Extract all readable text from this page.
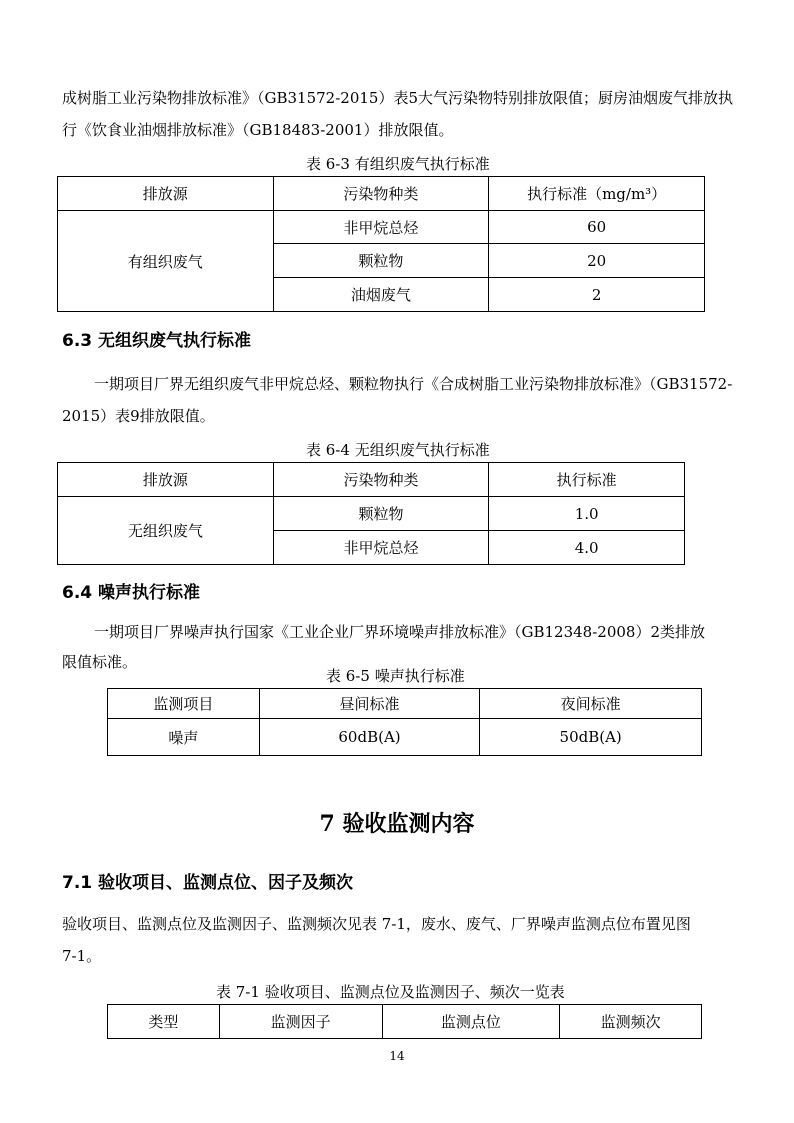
成树脂工业污染物排放标准》（GB31572-2015）表5大气污染物特别排放限值；厨房油烟废气排放执
行《饮食业油烟排放标准》（GB18483-2001）排放限值。
表 6-3 有组织废气执行标准
排放源	污染物种类	执行标准（mg/m³）
有组织废气	非甲烷总烃	60
	颗粒物	20
	油烟废气	2
6.3 无组织废气执行标准
一期项目厂界无组织废气非甲烷总烃、颗粒物执行《合成树脂工业污染物排放标准》（GB31572-
2015）表9排放限值。
表 6-4 无组织废气执行标准
排放源	污染物种类	执行标准
无组织废气	颗粒物	1.0
	非甲烷总烃	4.0
6.4 噪声执行标准
一期项目厂界噪声执行国家《工业企业厂界环境噪声排放标准》（GB12348-2008）2类排放
限值标准。
表 6-5 噪声执行标准
监测项目	昼间标准	夜间标准
噪声	60dB(A)	50dB(A)
7 验收监测内容
7.1 验收项目、监测点位、因子及频次
验收项目、监测点位及监测因子、监测频次见表 7-1，废水、废气、厂界噪声监测点位布置见图
7-1。
表 7-1 验收项目、监测点位及监测因子、频次一览表
类型	监测因子	监测点位	监测频次
14
